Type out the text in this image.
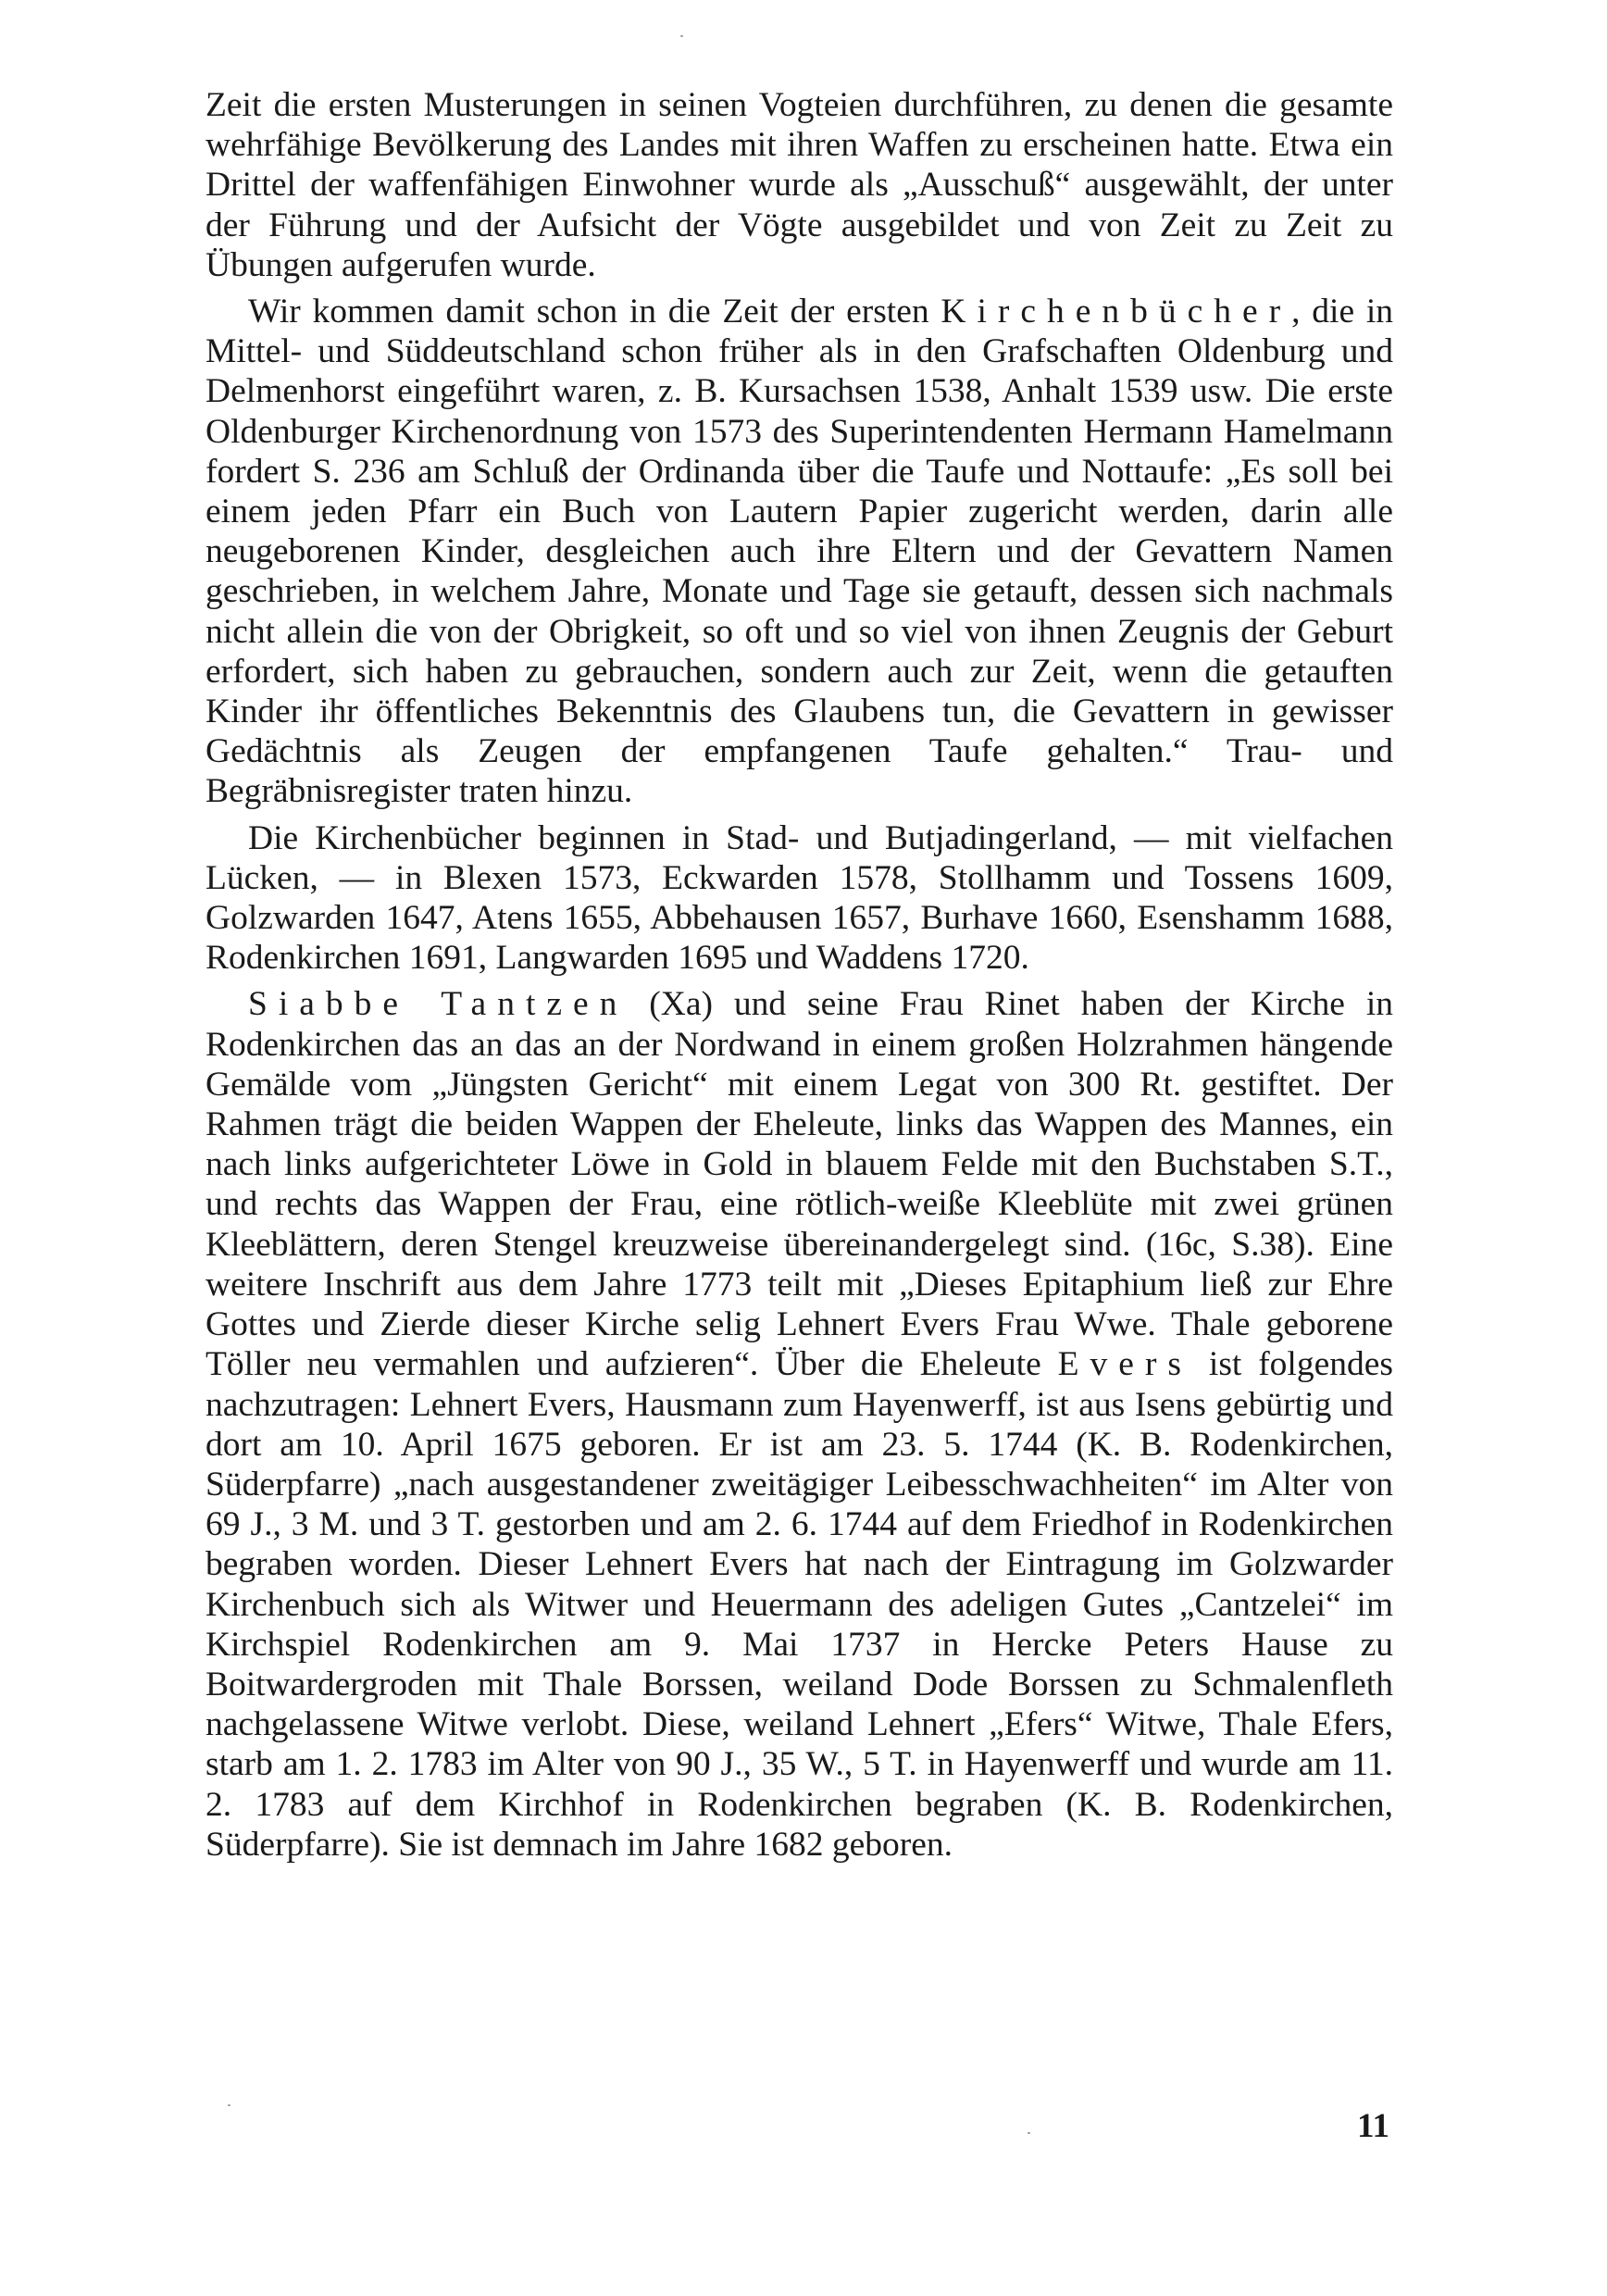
Zeit die ersten Musterungen in seinen Vogteien durchführen, zu denen die gesamte wehrfähige Bevölkerung des Landes mit ihren Waffen zu erscheinen hatte. Etwa ein Drittel der waffenfähigen Einwohner wurde als „Ausschuß“ ausgewählt, der unter der Führung und der Aufsicht der Vögte ausgebildet und von Zeit zu Zeit zu Übungen aufgerufen wurde.

Wir kommen damit schon in die Zeit der ersten Kirchenbücher, die in Mittel- und Süddeutschland schon früher als in den Grafschaften Oldenburg und Delmenhorst eingeführt waren, z. B. Kursachsen 1538, Anhalt 1539 usw. Die erste Oldenburger Kirchenordnung von 1573 des Superintendenten Hermann Hamelmann fordert S. 236 am Schluß der Ordinanda über die Taufe und Nottaufe: „Es soll bei einem jeden Pfarr ein Buch von Lautern Papier zugericht werden, darin alle neugeborenen Kinder, desgleichen auch ihre Eltern und der Gevattern Namen geschrieben, in welchem Jahre, Monate und Tage sie getauft, dessen sich nachmals nicht allein die von der Obrigkeit, so oft und so viel von ihnen Zeugnis der Geburt erfordert, sich haben zu gebrauchen, sondern auch zur Zeit, wenn die getauften Kinder ihr öffentliches Bekenntnis des Glaubens tun, die Gevattern in gewisser Gedächtnis als Zeugen der empfangenen Taufe gehalten.“ Trau- und Begräbnisregister traten hinzu.

Die Kirchenbücher beginnen in Stad- und Butjadingerland, — mit vielfachen Lücken, — in Blexen 1573, Eckwarden 1578, Stollhamm und Tossens 1609, Golzwarden 1647, Atens 1655, Abbehausen 1657, Burhave 1660, Esenshamm 1688, Rodenkirchen 1691, Langwarden 1695 und Waddens 1720.

Siabbe Tantzen (Xa) und seine Frau Rinet haben der Kirche in Rodenkirchen das an das an der Nordwand in einem großen Holzrahmen hängende Gemälde vom „Jüngsten Gericht“ mit einem Legat von 300 Rt. gestiftet. Der Rahmen trägt die beiden Wappen der Eheleute, links das Wappen des Mannes, ein nach links aufgerichteter Löwe in Gold in blauem Felde mit den Buchstaben S.T., und rechts das Wappen der Frau, eine rötlich-weiße Kleeblüte mit zwei grünen Kleeblättern, deren Stengel kreuzweise übereinandergelegt sind. (16c, S.38). Eine weitere Inschrift aus dem Jahre 1773 teilt mit „Dieses Epitaphium ließ zur Ehre Gottes und Zierde dieser Kirche selig Lehnert Evers Frau Wwe. Thale geborene Töller neu vermahlen und aufzieren“. Über die Eheleute Evers ist folgendes nachzutragen: Lehnert Evers, Hausmann zum Hayenwerff, ist aus Isens gebürtig und dort am 10. April 1675 geboren. Er ist am 23. 5. 1744 (K. B. Rodenkirchen, Süderpfarre) „nach ausgestandener zweitägiger Leibesschwachheiten“ im Alter von 69 J., 3 M. und 3 T. gestorben und am 2. 6. 1744 auf dem Friedhof in Rodenkirchen begraben worden. Dieser Lehnert Evers hat nach der Eintragung im Golzwarder Kirchenbuch sich als Witwer und Heuermann des adeligen Gutes „Cantzelei“ im Kirchspiel Rodenkirchen am 9. Mai 1737 in Hercke Peters Hause zu Boitwardergroden mit Thale Borssen, weiland Dode Borssen zu Schmalenfleth nachgelassene Witwe verlobt. Diese, weiland Lehnert „Efers“ Witwe, Thale Efers, starb am 1. 2. 1783 im Alter von 90 J., 35 W., 5 T. in Hayenwerff und wurde am 11. 2. 1783 auf dem Kirchhof in Rodenkirchen begraben (K. B. Rodenkirchen, Süderpfarre). Sie ist demnach im Jahre 1682 geboren.

11
